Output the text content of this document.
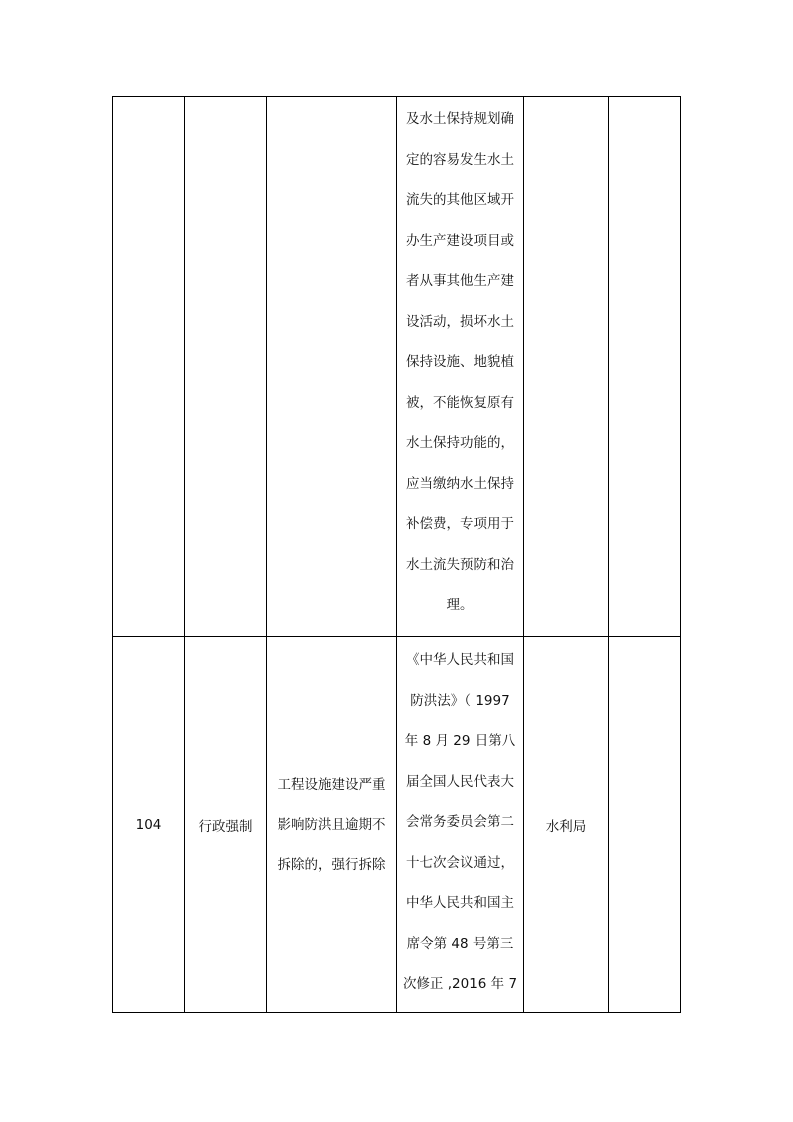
及水土保持规划确
定的容易发生水土
流失的其他区域开
办生产建设项目或
者从事其他生产建
设活动，损坏水土
保持设施、地貌植
被，不能恢复原有
水土保持功能的，
应当缴纳水土保持
补偿费，专项用于
水土流失预防和治
理。
104	行政强制
工程设施建设严重
影响防洪且逾期不
拆除的，强行拆除
《中华人民共和国
防洪法》（ 1997
年 8 月 29 日第八
届全国人民代表大
会常务委员会第二
十七次会议通过，
中华人民共和国主
席令第 48 号第三
次修正 ,2016 年 7
水利局
